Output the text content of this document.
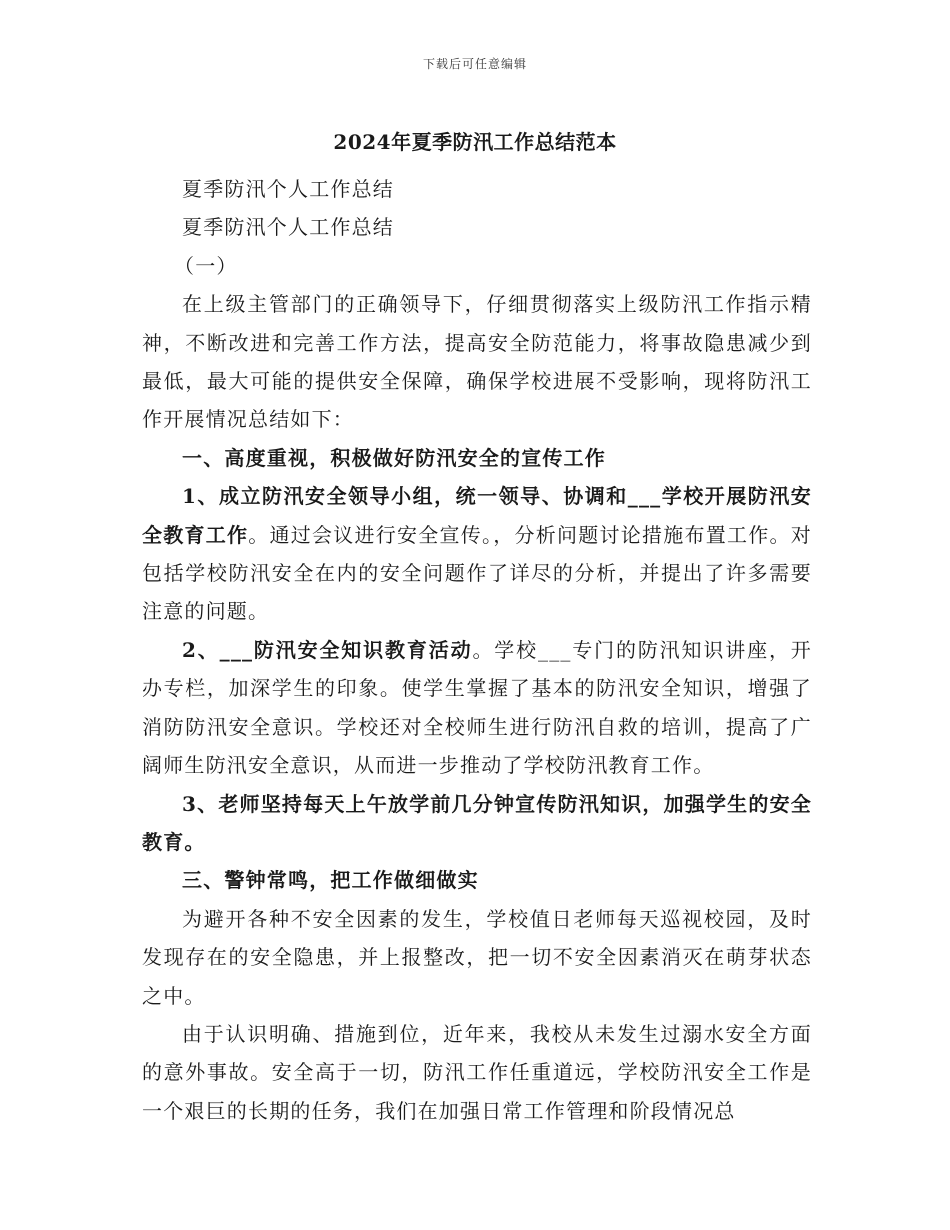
下载后可任意编辑
2024年夏季防汛工作总结范本

夏季防汛个人工作总结

夏季防汛个人工作总结

（一）

在上级主管部门的正确领导下，仔细贯彻落实上级防汛工作指示精神，不断改进和完善工作方法，提高安全防范能力，将事故隐患减少到最低，最大可能的提供安全保障，确保学校进展不受影响，现将防汛工作开展情况总结如下：

一、高度重视，积极做好防汛安全的宣传工作

1、成立防汛安全领导小组，统一领导、协调和___学校开展防汛安全教育工作。通过会议进行安全宣传。，分析问题讨论措施布置工作。对包括学校防汛安全在内的安全问题作了详尽的分析，并提出了许多需要注意的问题。

2、___防汛安全知识教育活动。学校___专门的防汛知识讲座，开办专栏，加深学生的印象。使学生掌握了基本的防汛安全知识，增强了消防防汛安全意识。学校还对全校师生进行防汛自救的培训，提高了广阔师生防汛安全意识，从而进一步推动了学校防汛教育工作。

3、老师坚持每天上午放学前几分钟宣传防汛知识，加强学生的安全教育。

三、警钟常鸣，把工作做细做实

为避开各种不安全因素的发生，学校值日老师每天巡视校园，及时发现存在的安全隐患，并上报整改，把一切不安全因素消灭在萌芽状态之中。

由于认识明确、措施到位，近年来，我校从未发生过溺水安全方面的意外事故。安全高于一切，防汛工作任重道远，学校防汛安全工作是一个艰巨的长期的任务，我们在加强日常工作管理和阶段情况总
